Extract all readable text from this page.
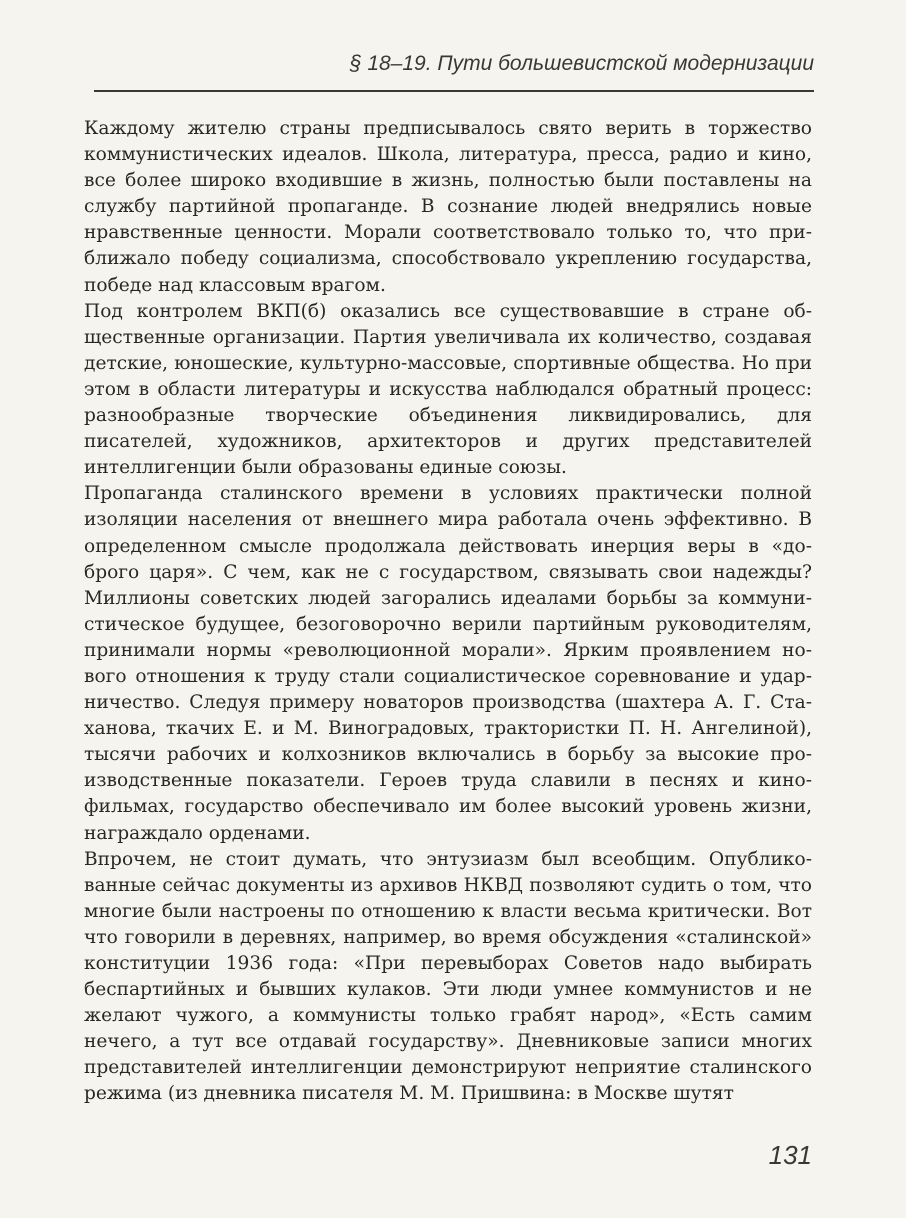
§ 18–19. Пути большевистской модернизации

Каждому жителю страны предписывалось свято верить в торжество коммунистических идеалов. Школа, литература, пресса, радио и кино, все более широко входившие в жизнь, полностью были поставлены на службу партийной пропаганде. В сознание людей внедрялись новые нравственные ценности. Морали соответствовало только то, что приближало победу социализма, способствовало укреплению государства, победе над классовым врагом.

Под контролем ВКП(б) оказались все существовавшие в стране общественные организации. Партия увеличивала их количество, создавая детские, юношеские, культурно-массовые, спортивные общества. Но при этом в области литературы и искусства наблюдался обратный процесс: разнообразные творческие объединения ликвидировались, для писателей, художников, архитекторов и других представителей интеллигенции были образованы единые союзы.

Пропаганда сталинского времени в условиях практически полной изоляции населения от внешнего мира работала очень эффективно. В определенном смысле продолжала действовать инерция веры в «доброго царя». С чем, как не с государством, связывать свои надежды? Миллионы советских людей загорались идеалами борьбы за коммунистическое будущее, безоговорочно верили партийным руководителям, принимали нормы «революционной морали». Ярким проявлением нового отношения к труду стали социалистическое соревнование и ударничество. Следуя примеру новаторов производства (шахтера А. Г. Стаханова, ткачих Е. и М. Виноградовых, трактористки П. Н. Ангелиной), тысячи рабочих и колхозников включались в борьбу за высокие производственные показатели. Героев труда славили в песнях и кинофильмах, государство обеспечивало им более высокий уровень жизни, награждало орденами.

Впрочем, не стоит думать, что энтузиазм был всеобщим. Опубликованные сейчас документы из архивов НКВД позволяют судить о том, что многие были настроены по отношению к власти весьма критически. Вот что говорили в деревнях, например, во время обсуждения «сталинской» конституции 1936 года: «При перевыборах Советов надо выбирать беспартийных и бывших кулаков. Эти люди умнее коммунистов и не желают чужого, а коммунисты только грабят народ», «Есть самим нечего, а тут все отдавай государству». Дневниковые записи многих представителей интеллигенции демонстрируют неприятие сталинского режима (из дневника писателя М. М. Пришвина: в Москве шутят

131
